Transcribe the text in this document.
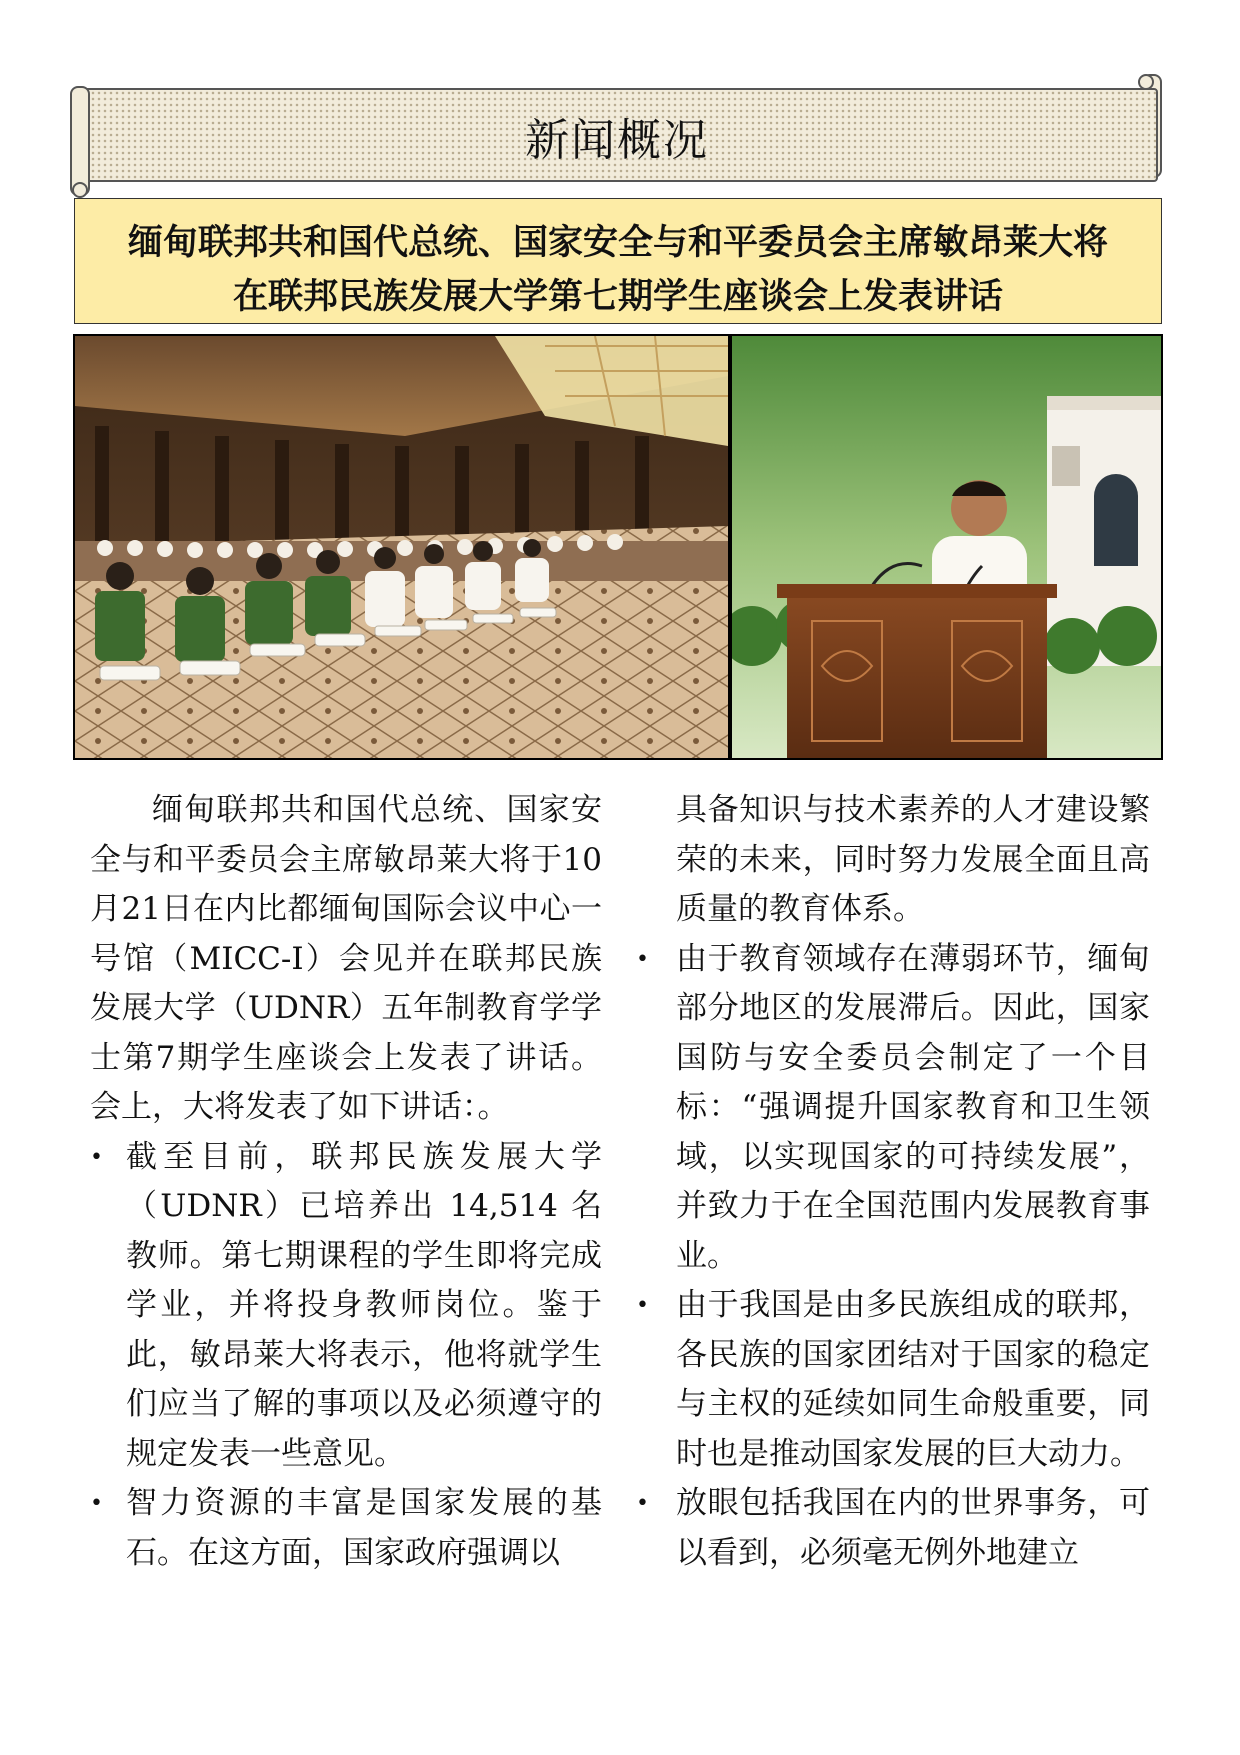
新闻概况
缅甸联邦共和国代总统、国家安全与和平委员会主席敏昂莱大将
在联邦民族发展大学第七期学生座谈会上发表讲话

缅甸联邦共和国代总统、国家安全与和平委员会主席敏昂莱大将于10月21日在内比都缅甸国际会议中心一号馆（MICC-I）会见并在联邦民族发展大学（UDNR）五年制教育学学士第7期学生座谈会上发表了讲话。会上，大将发表了如下讲话：。

• 截至目前，联邦民族发展大学（UDNR）已培养出 14,514 名教师。第七期课程的学生即将完成学业，并将投身教师岗位。鉴于此，敏昂莱大将表示，他将就学生们应当了解的事项以及必须遵守的规定发表一些意见。

• 智力资源的丰富是国家发展的基石。在这方面，国家政府强调以

具备知识与技术素养的人才建设繁荣的未来，同时努力发展全面且高质量的教育体系。

• 由于教育领域存在薄弱环节，缅甸部分地区的发展滞后。因此，国家国防与安全委员会制定了一个目标：“强调提升国家教育和卫生领域，以实现国家的可持续发展”，并致力于在全国范围内发展教育事业。

• 由于我国是由多民族组成的联邦，各民族的国家团结对于国家的稳定与主权的延续如同生命般重要，同时也是推动国家发展的巨大动力。

• 放眼包括我国在内的世界事务，可以看到，必须毫无例外地建立
